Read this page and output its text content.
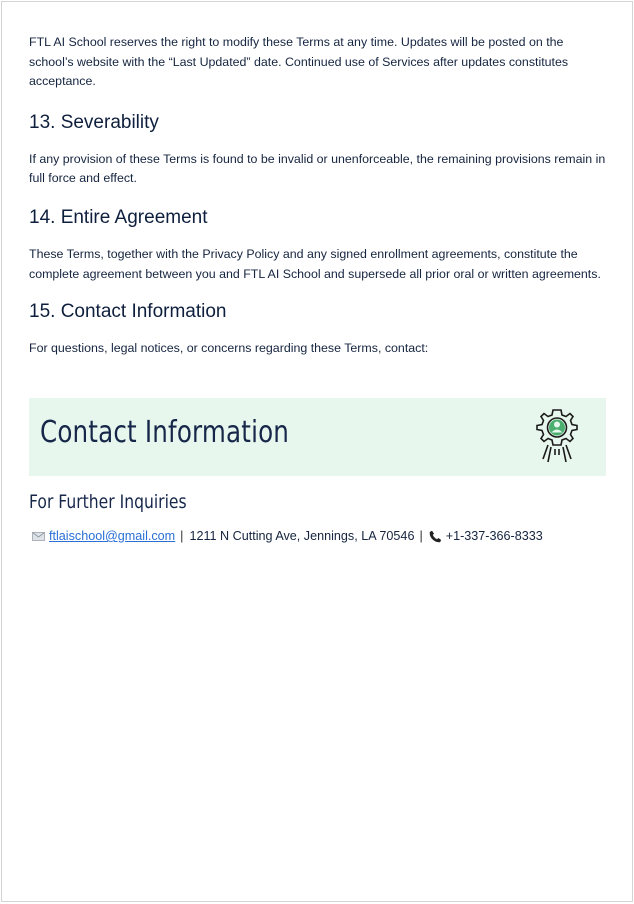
FTL AI School reserves the right to modify these Terms at any time. Updates will be posted on the school’s website with the “Last Updated” date. Continued use of Services after updates constitutes acceptance.

13. Severability

If any provision of these Terms is found to be invalid or unenforceable, the remaining provisions remain in full force and effect.

14. Entire Agreement

These Terms, together with the Privacy Policy and any signed enrollment agreements, constitute the complete agreement between you and FTL AI School and supersede all prior oral or written agreements.

15. Contact Information

For questions, legal notices, or concerns regarding these Terms, contact:

Contact Information
For Further Inquiries
ftlaischool@gmail.com | 1211 N Cutting Ave, Jennings, LA 70546 | +1-337-366-8333
